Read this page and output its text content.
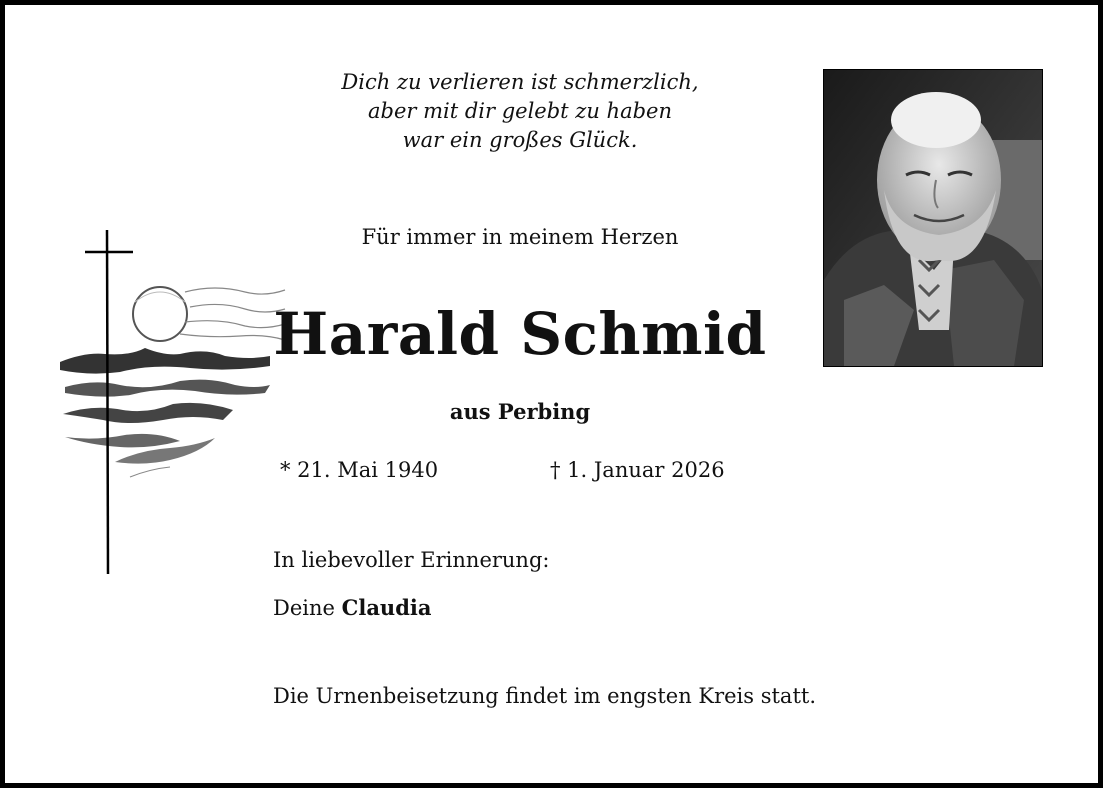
Dich zu verlieren ist schmerzlich,
aber mit dir gelebt zu haben
war ein großes Glück.
Für immer in meinem Herzen
Harald Schmid
aus Perbing
* 21. Mai 1940	† 1. Januar 2026
In liebevoller Erinnerung:
Deine Claudia
Die Urnenbeisetzung findet im engsten Kreis statt.
